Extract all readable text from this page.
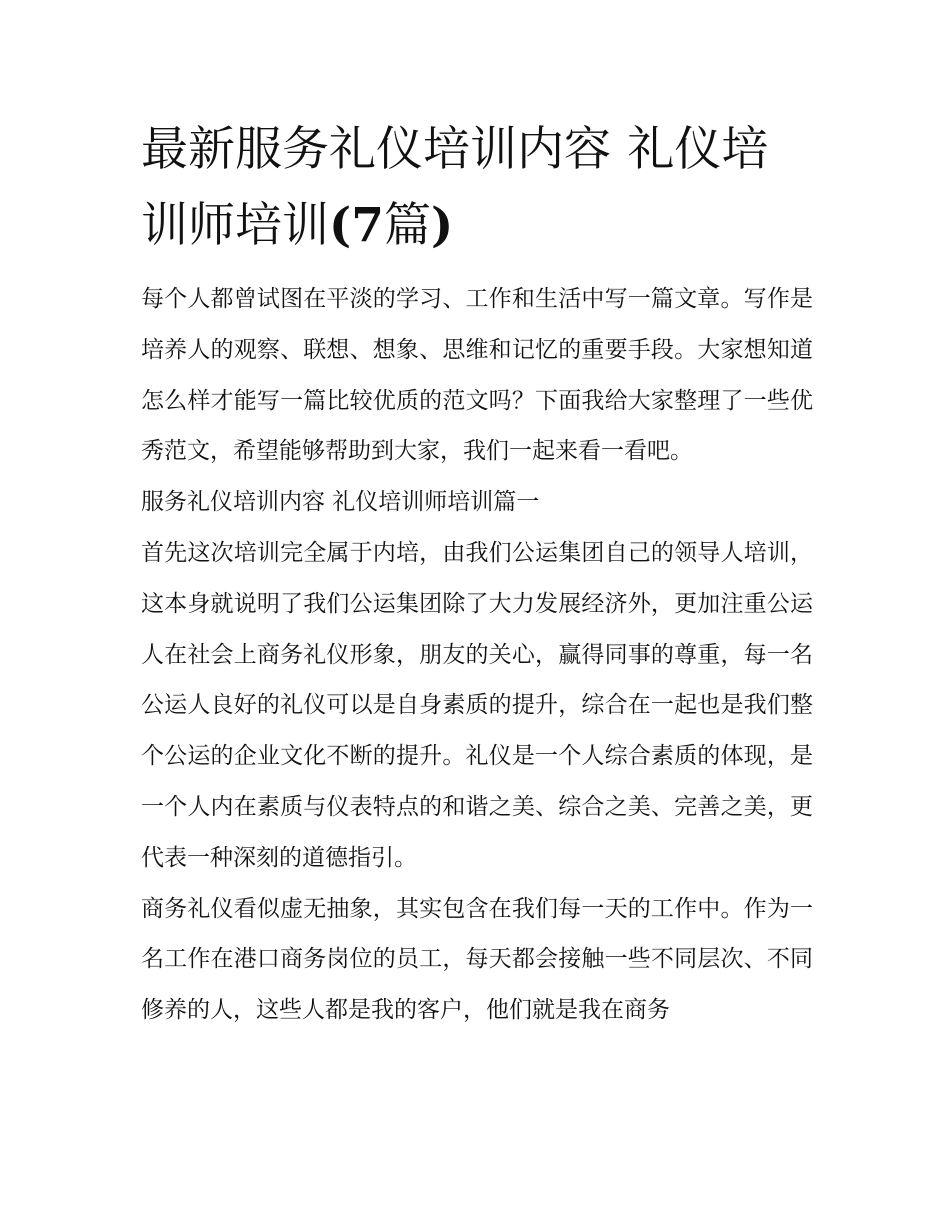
最新服务礼仪培训内容 礼仪培训师培训(7篇)

每个人都曾试图在平淡的学习、工作和生活中写一篇文章。写作是培养人的观察、联想、想象、思维和记忆的重要手段。大家想知道怎么样才能写一篇比较优质的范文吗？下面我给大家整理了一些优秀范文，希望能够帮助到大家，我们一起来看一看吧。

服务礼仪培训内容 礼仪培训师培训篇一

首先这次培训完全属于内培，由我们公运集团自己的领导人培训，这本身就说明了我们公运集团除了大力发展经济外，更加注重公运人在社会上商务礼仪形象，朋友的关心，赢得同事的尊重，每一名公运人良好的礼仪可以是自身素质的提升，综合在一起也是我们整个公运的企业文化不断的提升。礼仪是一个人综合素质的体现，是一个人内在素质与仪表特点的和谐之美、综合之美、完善之美，更代表一种深刻的道德指引。

商务礼仪看似虚无抽象，其实包含在我们每一天的工作中。作为一名工作在港口商务岗位的员工，每天都会接触一些不同层次、不同修养的人，这些人都是我的客户，他们就是我在商务
